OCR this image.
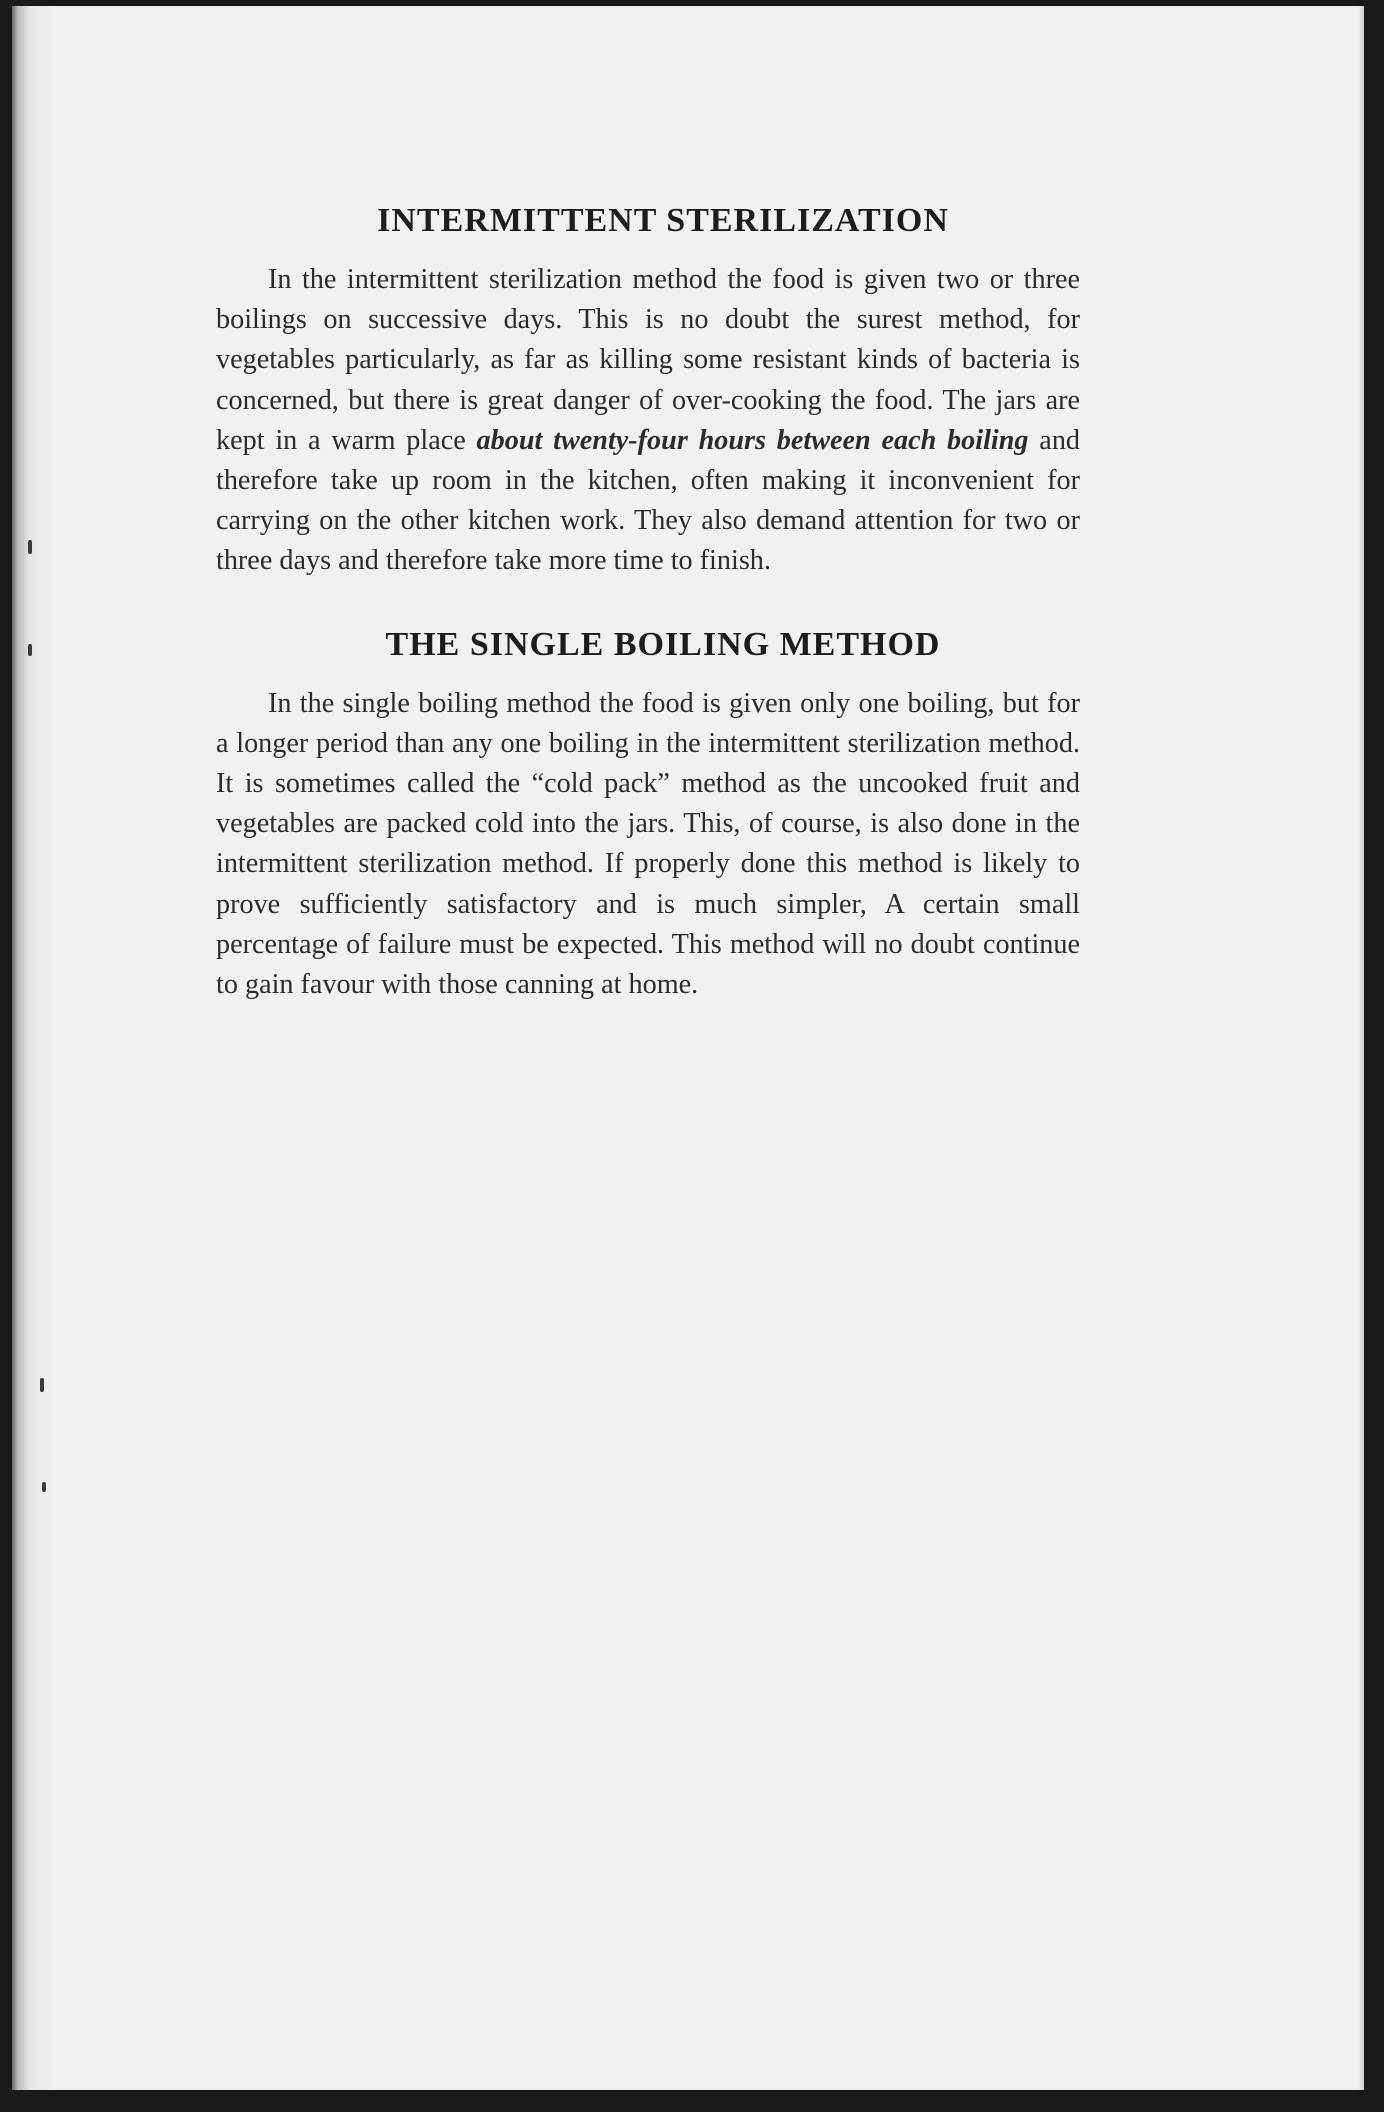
INTERMITTENT STERILIZATION

In the intermittent sterilization method the food is given two or three boilings on successive days. This is no doubt the surest method, for vegetables particularly, as far as killing some resistant kinds of bacteria is concerned, but there is great danger of over-cooking the food. The jars are kept in a warm place about twenty-four hours between each boiling and therefore take up room in the kitchen, often making it inconvenient for carrying on the other kitchen work. They also demand attention for two or three days and therefore take more time to finish.

THE SINGLE BOILING METHOD

In the single boiling method the food is given only one boiling, but for a longer period than any one boiling in the intermittent sterilization method. It is sometimes called the “cold pack” method as the uncooked fruit and vegetables are packed cold into the jars. This, of course, is also done in the intermittent sterilization method. If properly done this method is likely to prove sufficiently satisfactory and is much simpler, A certain small percentage of failure must be expected. This method will no doubt continue to gain favour with those canning at home.
